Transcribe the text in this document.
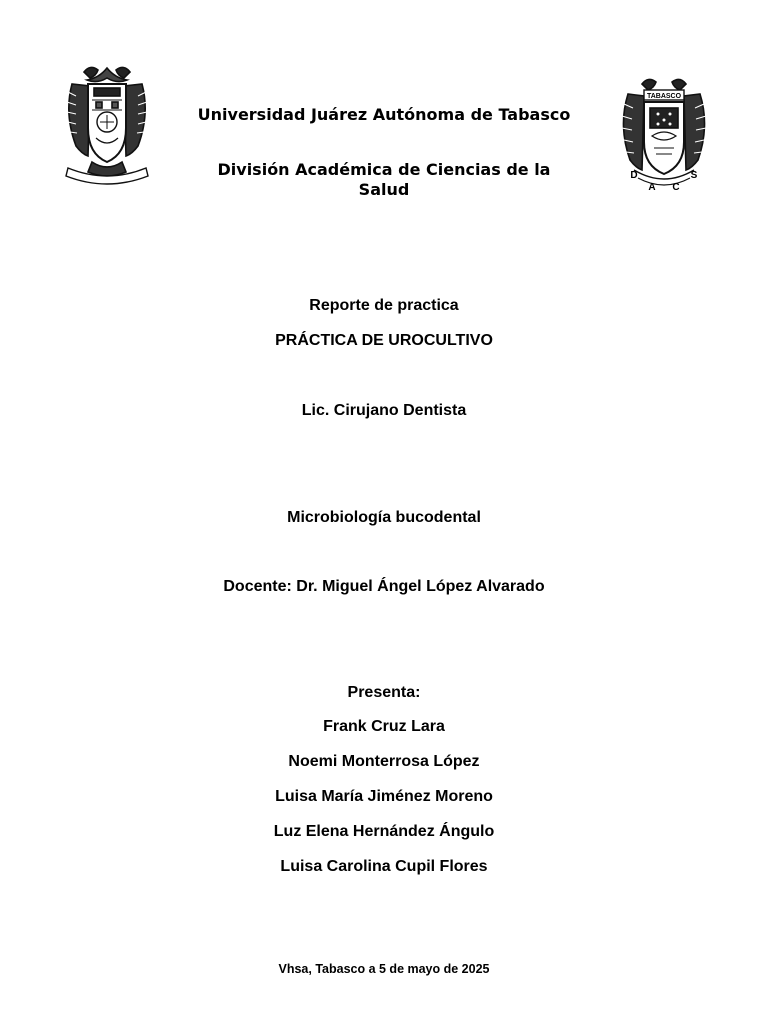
TABASCO
D
A C
S
Universidad Juárez Autónoma de Tabasco
División Académica de Ciencias de la Salud
Reporte de practica
PRÁCTICA DE UROCULTIVO
Lic. Cirujano Dentista
Microbiología bucodental
Docente: Dr. Miguel Ángel López Alvarado
Presenta:
Frank Cruz Lara
Noemi Monterrosa López
Luisa María Jiménez Moreno
Luz Elena Hernández Ángulo
Luisa Carolina Cupil Flores
Vhsa, Tabasco a 5 de mayo de 2025
